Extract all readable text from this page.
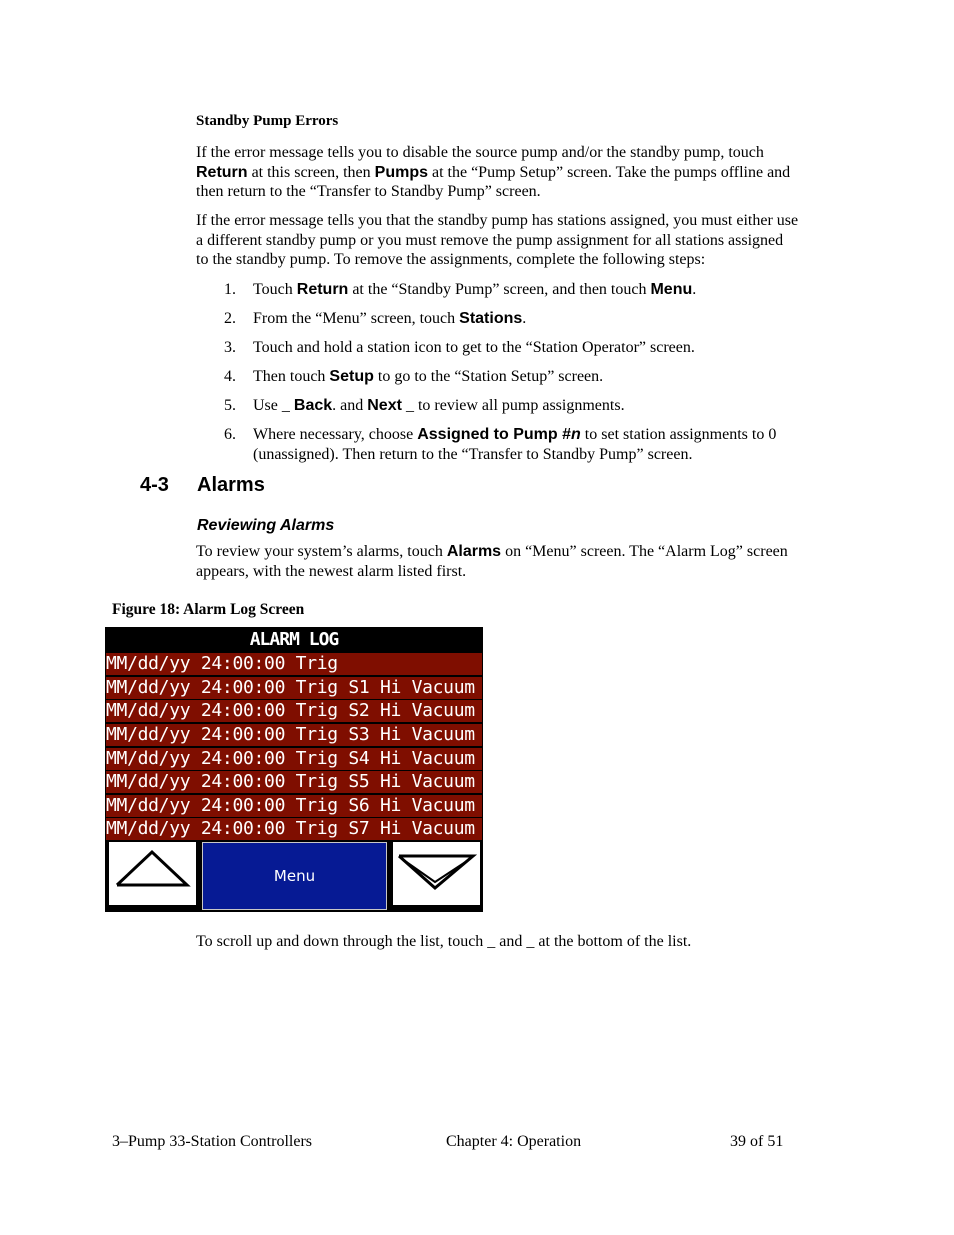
Standby Pump Errors
If the error message tells you to disable the source pump and/or the standby pump, touch
Return at this screen, then Pumps at the “Pump Setup” screen. Take the pumps offline and
then return to the “Transfer to Standby Pump” screen.
If the error message tells you that the standby pump has stations assigned, you must either use
a different standby pump or you must remove the pump assignment for all stations assigned
to the standby pump. To remove the assignments, complete the following steps:
1. Touch Return at the “Standby Pump” screen, and then touch Menu.
2. From the “Menu” screen, touch Stations.
3. Touch and hold a station icon to get to the “Station Operator” screen.
4. Then touch Setup to go to the “Station Setup” screen.
5. Use _ Back. and Next _ to review all pump assignments.
6. Where necessary, choose Assigned to Pump #n to set station assignments to 0
(unassigned). Then return to the “Transfer to Standby Pump” screen.
4-3 Alarms
Reviewing Alarms
To review your system’s alarms, touch Alarms on “Menu” screen. The “Alarm Log” screen
appears, with the newest alarm listed first.
Figure 18: Alarm Log Screen
ALARM LOG
MM/dd/yy 24:00:00 Trig
MM/dd/yy 24:00:00 Trig S1 Hi Vacuum
MM/dd/yy 24:00:00 Trig S2 Hi Vacuum
MM/dd/yy 24:00:00 Trig S3 Hi Vacuum
MM/dd/yy 24:00:00 Trig S4 Hi Vacuum
MM/dd/yy 24:00:00 Trig S5 Hi Vacuum
MM/dd/yy 24:00:00 Trig S6 Hi Vacuum
MM/dd/yy 24:00:00 Trig S7 Hi Vacuum
Menu
To scroll up and down through the list, touch _ and _ at the bottom of the list.
3–Pump 33-Station Controllers	Chapter 4: Operation	39 of 51
